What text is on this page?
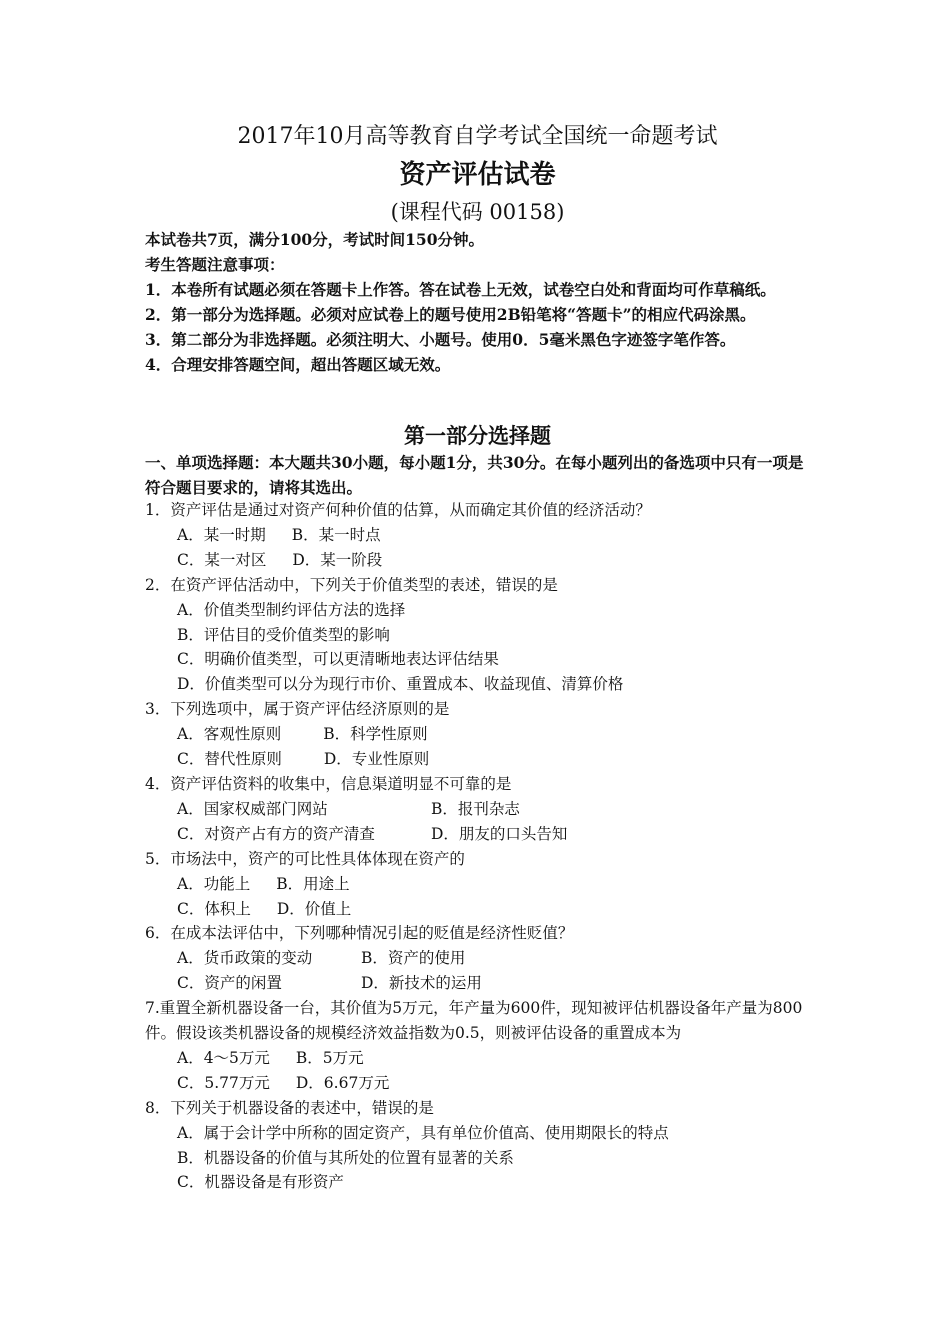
2017年10月高等教育自学考试全国统一命题考试
资产评估试卷
(课程代码 00158)

本试卷共7页，满分100分，考试时间150分钟。

考生答题注意事项：

1．本卷所有试题必须在答题卡上作答。答在试卷上无效，试卷空白处和背面均可作草稿纸。

2．第一部分为选择题。必须对应试卷上的题号使用2B铅笔将“答题卡”的相应代码涂黑。

3．第二部分为非选择题。必须注明大、小题号。使用0．5毫米黑色字迹签字笔作答。

4．合理安排答题空间，超出答题区域无效。

第一部分选择题

一、单项选择题：本大题共30小题，每小题1分，共30分。在每小题列出的备选项中只有一项是符合题目要求的，请将其选出。

1．资产评估是通过对资产何种价值的估算，从而确定其价值的经济活动？

A．某一时期 B．某一时点

C．某一对区 D．某一阶段

2．在资产评估活动中，下列关于价值类型的表述，错误的是

A．价值类型制约评估方法的选择

B．评估目的受价值类型的影响

C．明确价值类型，可以更清晰地表达评估结果

D．价值类型可以分为现行市价、重置成本、收益现值、清算价格

3．下列选项中，属于资产评估经济原则的是

A．客观性原则	B．科学性原则

C．替代性原则	D．专业性原则

4．资产评估资料的收集中，信息渠道明显不可靠的是

A．国家权威部门网站	B．报刊杂志

C．对资产占有方的资产清查	D．朋友的口头告知

5．市场法中，资产的可比性具体体现在资产的

A．功能上 B．用途上

C．体积上 D．价值上

6．在成本法评估中，下列哪种情况引起的贬值是经济性贬值？

A．货币政策的变动	B．资产的使用

C．资产的闲置	D．新技术的运用

7.重置全新机器设备一台，其价值为5万元，年产量为600件，现知被评估机器设备年产量为800件。假设该类机器设备的规模经济效益指数为0.5，则被评估设备的重置成本为

A．4～5万元 B．5万元

C．5.77万元 D．6.67万元

8．下列关于机器设备的表述中，错误的是

A．属于会计学中所称的固定资产，具有单位价值高、使用期限长的特点

B．机器设备的价值与其所处的位置有显著的关系

C．机器设备是有形资产
